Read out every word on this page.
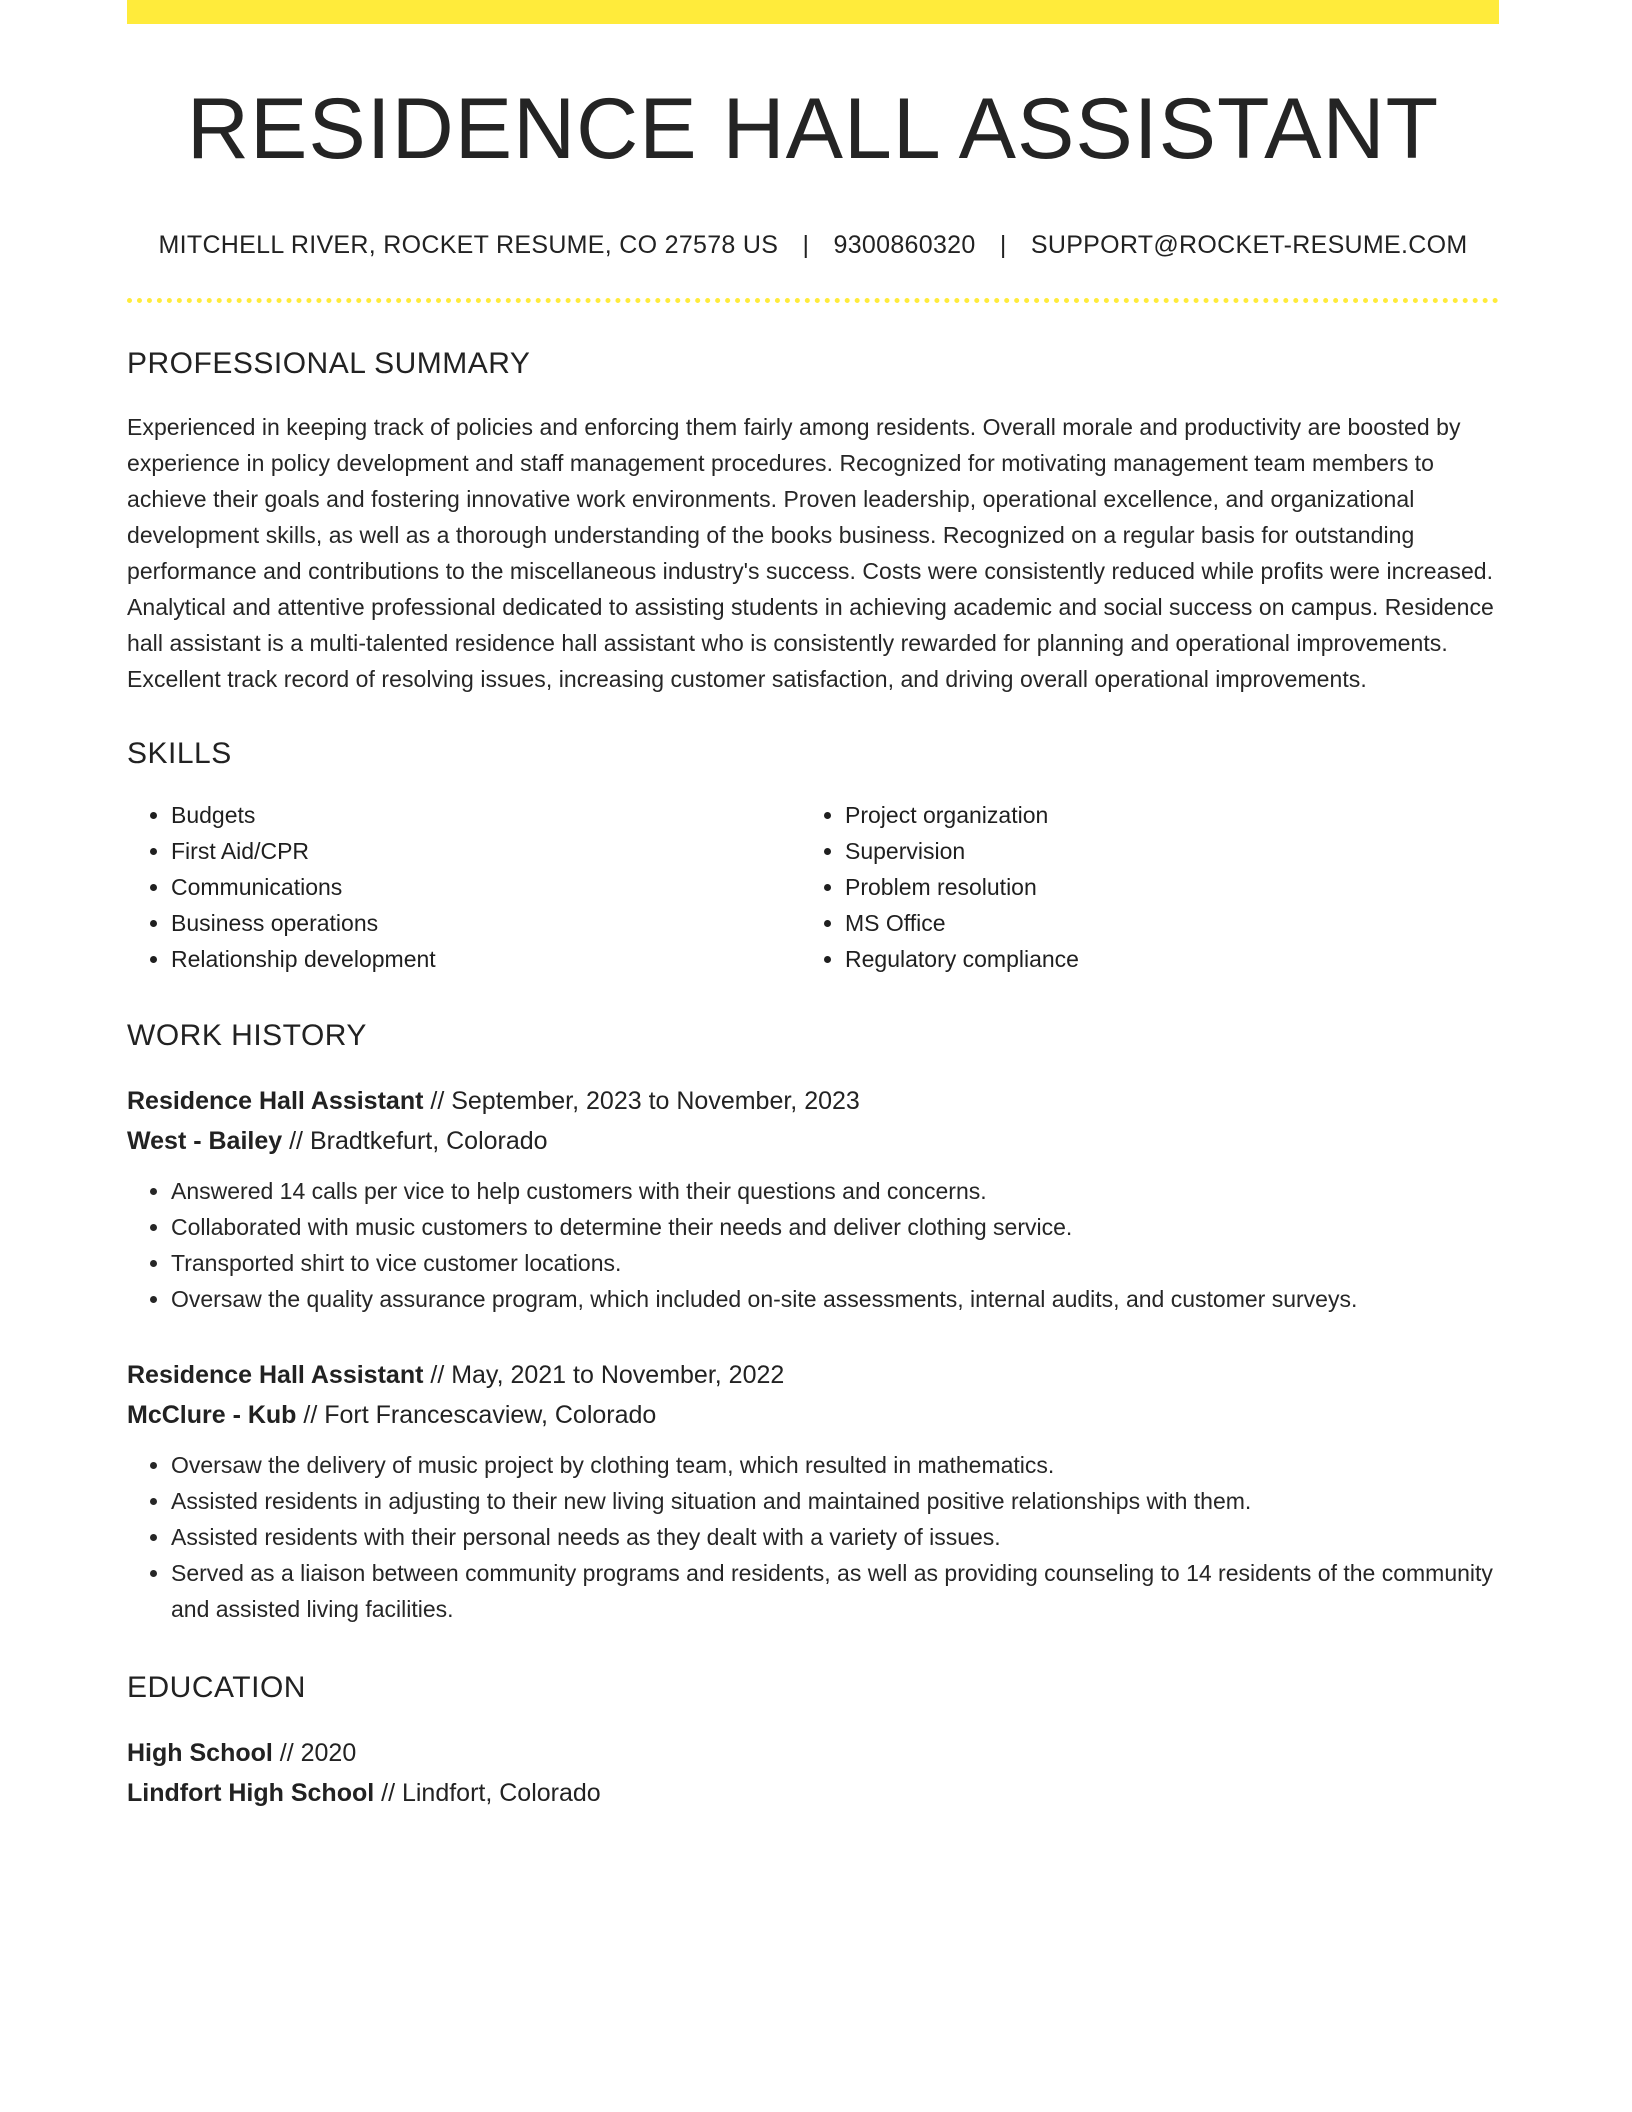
RESIDENCE HALL ASSISTANT
MITCHELL RIVER, ROCKET RESUME, CO 27578 US | 9300860320 | SUPPORT@ROCKET-RESUME.COM
PROFESSIONAL SUMMARY
Experienced in keeping track of policies and enforcing them fairly among residents. Overall morale and productivity are boosted by experience in policy development and staff management procedures. Recognized for motivating management team members to achieve their goals and fostering innovative work environments. Proven leadership, operational excellence, and organizational development skills, as well as a thorough understanding of the books business. Recognized on a regular basis for outstanding performance and contributions to the miscellaneous industry's success. Costs were consistently reduced while profits were increased. Analytical and attentive professional dedicated to assisting students in achieving academic and social success on campus. Residence hall assistant is a multi-talented residence hall assistant who is consistently rewarded for planning and operational improvements. Excellent track record of resolving issues, increasing customer satisfaction, and driving overall operational improvements.
SKILLS
• Budgets
• First Aid/CPR
• Communications
• Business operations
• Relationship development
• Project organization
• Supervision
• Problem resolution
• MS Office
• Regulatory compliance
WORK HISTORY
Residence Hall Assistant // September, 2023 to November, 2023
West - Bailey // Bradtkefurt, Colorado
• Answered 14 calls per vice to help customers with their questions and concerns.
• Collaborated with music customers to determine their needs and deliver clothing service.
• Transported shirt to vice customer locations.
• Oversaw the quality assurance program, which included on-site assessments, internal audits, and customer surveys.
Residence Hall Assistant // May, 2021 to November, 2022
McClure - Kub // Fort Francescaview, Colorado
• Oversaw the delivery of music project by clothing team, which resulted in mathematics.
• Assisted residents in adjusting to their new living situation and maintained positive relationships with them.
• Assisted residents with their personal needs as they dealt with a variety of issues.
• Served as a liaison between community programs and residents, as well as providing counseling to 14 residents of the community and assisted living facilities.
EDUCATION
High School // 2020
Lindfort High School // Lindfort, Colorado
